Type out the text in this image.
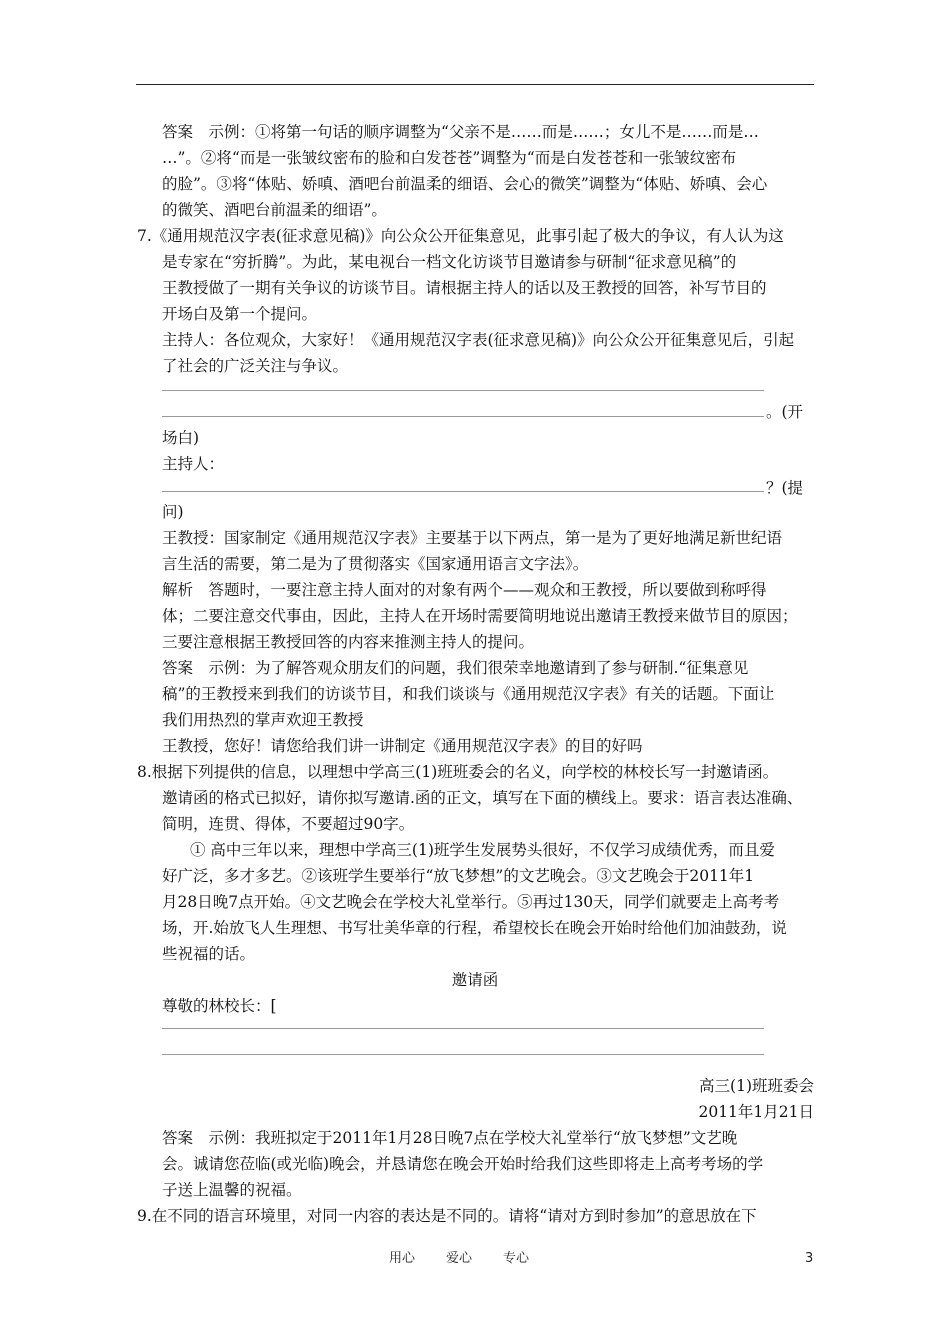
答案　示例：①将第一句话的顺序调整为“父亲不是……而是……；女儿不是……而是…
…”。②将“而是一张皱纹密布的脸和白发苍苍”调整为“而是白发苍苍和一张皱纹密布
的脸”。③将“体贴、娇嗔、酒吧台前温柔的细语、会心的微笑”调整为“体贴、娇嗔、会心
的微笑、酒吧台前温柔的细语”。
7.《通用规范汉字表(征求意见稿)》向公众公开征集意见，此事引起了极大的争议，有人认为这
是专家在“穷折腾”。为此，某电视台一档文化访谈节目邀请参与研制“征求意见稿”的
王教授做了一期有关争议的访谈节目。请根据主持人的话以及王教授的回答，补写节目的
开场白及第一个提问。
主持人：各位观众，大家好！《通用规范汉字表(征求意见稿)》向公众公开征集意见后，引起
了社会的广泛关注与争议。
。(开
场白)
主持人：
？(提
问)
王教授：国家制定《通用规范汉字表》主要基于以下两点，第一是为了更好地满足新世纪语
言生活的需要，第二是为了贯彻落实《国家通用语言文字法》。
解析　答题时，一要注意主持人面对的对象有两个——观众和王教授，所以要做到称呼得
体；二要注意交代事由，因此，主持人在开场时需要简明地说出邀请王教授来做节目的原因；
三要注意根据王教授回答的内容来推测主持人的提问。
答案　示例：为了解答观众朋友们的问题，我们很荣幸地邀请到了参与研制.“征集意见
稿”的王教授来到我们的访谈节目，和我们谈谈与《通用规范汉字表》有关的话题。下面让
我们用热烈的掌声欢迎王教授
王教授，您好！请您给我们讲一讲制定《通用规范汉字表》的目的好吗
8.根据下列提供的信息，以理想中学高三(1)班班委会的名义，向学校的林校长写一封邀请函。
邀请函的格式已拟好，请你拟写邀请.函的正文，填写在下面的横线上。要求：语言表达准确、
简明，连贯、得体，不要超过90字。
① 高中三年以来，理想中学高三(1)班学生发展势头很好，不仅学习成绩优秀，而且爱
好广泛，多才多艺。②该班学生要举行“放飞梦想”的文艺晚会。③文艺晚会于2011年1
月28日晚7点开始。④文艺晚会在学校大礼堂举行。⑤再过130天，同学们就要走上高考考
场，开.始放飞人生理想、书写壮美华章的行程，希望校长在晚会开始时给他们加油鼓劲，说
些祝福的话。
邀请函
尊敬的林校长：[
高三(1)班班委会
2011年1月21日
答案　示例：我班拟定于2011年1月28日晚7点在学校大礼堂举行“放飞梦想”文艺晚
会。诚请您莅临(或光临)晚会，并恳请您在晚会开始时给我们这些即将走上高考考场的学
子送上温馨的祝福。
9.在不同的语言环境里，对同一内容的表达是不同的。请将“请对方到时参加”的意思放在下
用心 爱心 专心	3
